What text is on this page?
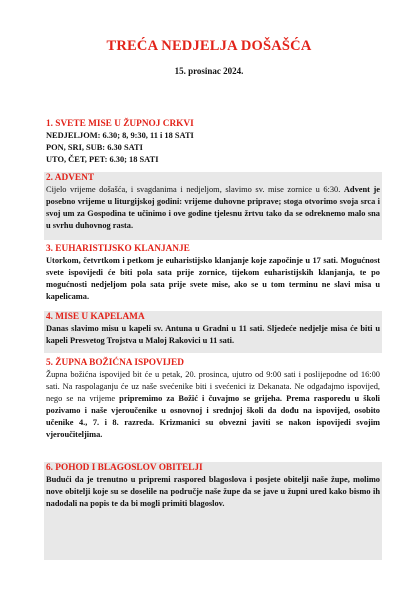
TREĆA NEDJELJA DOŠAŠĆA
15. prosinac 2024.
1. SVETE MISE U ŽUPNOJ CRKVI
NEDJELJOM: 6.30; 8, 9:30, 11 i 18 SATI
PON, SRI, SUB: 6.30 SATI
UTO, ČET, PET: 6.30; 18 SATI
2. ADVENT
Cijelo vrijeme došašća, i svagdanima i nedjeljom, slavimo sv. mise zornice u 6:30. Advent je posebno vrijeme u liturgijskoj godini: vrijeme duhovne priprave; stoga otvorimo svoja srca i svoj um za Gospodina te učinimo i ove godine tjelesnu žrtvu tako da se odreknemo malo sna u svrhu duhovnog rasta.
3. EUHARISTIJSKO KLANJANJE
Utorkom, četvrtkom i petkom je euharistijsko klanjanje koje započinje u 17 sati. Mogućnost svete ispovijedi će biti pola sata prije zornice, tijekom euharistijskih klanjanja, te po mogućnosti nedjeljom pola sata prije svete mise, ako se u tom terminu ne slavi misa u kapelicama.
4. MISE U KAPELAMA
Danas slavimo misu u kapeli sv. Antuna u Gradni u 11 sati. Sljedeće nedjelje misa će biti u kapeli Presvetog Trojstva u Maloj Rakovici u 11 sati.
5. ŽUPNA BOŽIĆNA ISPOVIJED
Župna božićna ispovijed bit će u petak, 20. prosinca, ujutro od 9:00 sati i poslijepodne od 16:00 sati. Na raspolaganju će uz naše svećenike biti i svećenici iz Dekanata. Ne odgađajmo ispovijed, nego se na vrijeme pripremimo za Božić i čuvajmo se grijeha. Prema rasporedu u školi pozivamo i naše vjeroučenike u osnovnoj i srednjoj školi da dođu na ispovijed, osobito učenike 4., 7. i 8. razreda. Krizmanici su obvezni javiti se nakon ispovijedi svojim vjeroučiteljima.
6. POHOD I BLAGOSLOV OBITELJI
Budući da je trenutno u pripremi raspored blagoslova i posjete obitelji naše župe, molimo nove obitelji koje su se doselile na područje naše župe da se jave u župni ured kako bismo ih nadodali na popis te da bi mogli primiti blagoslov.
